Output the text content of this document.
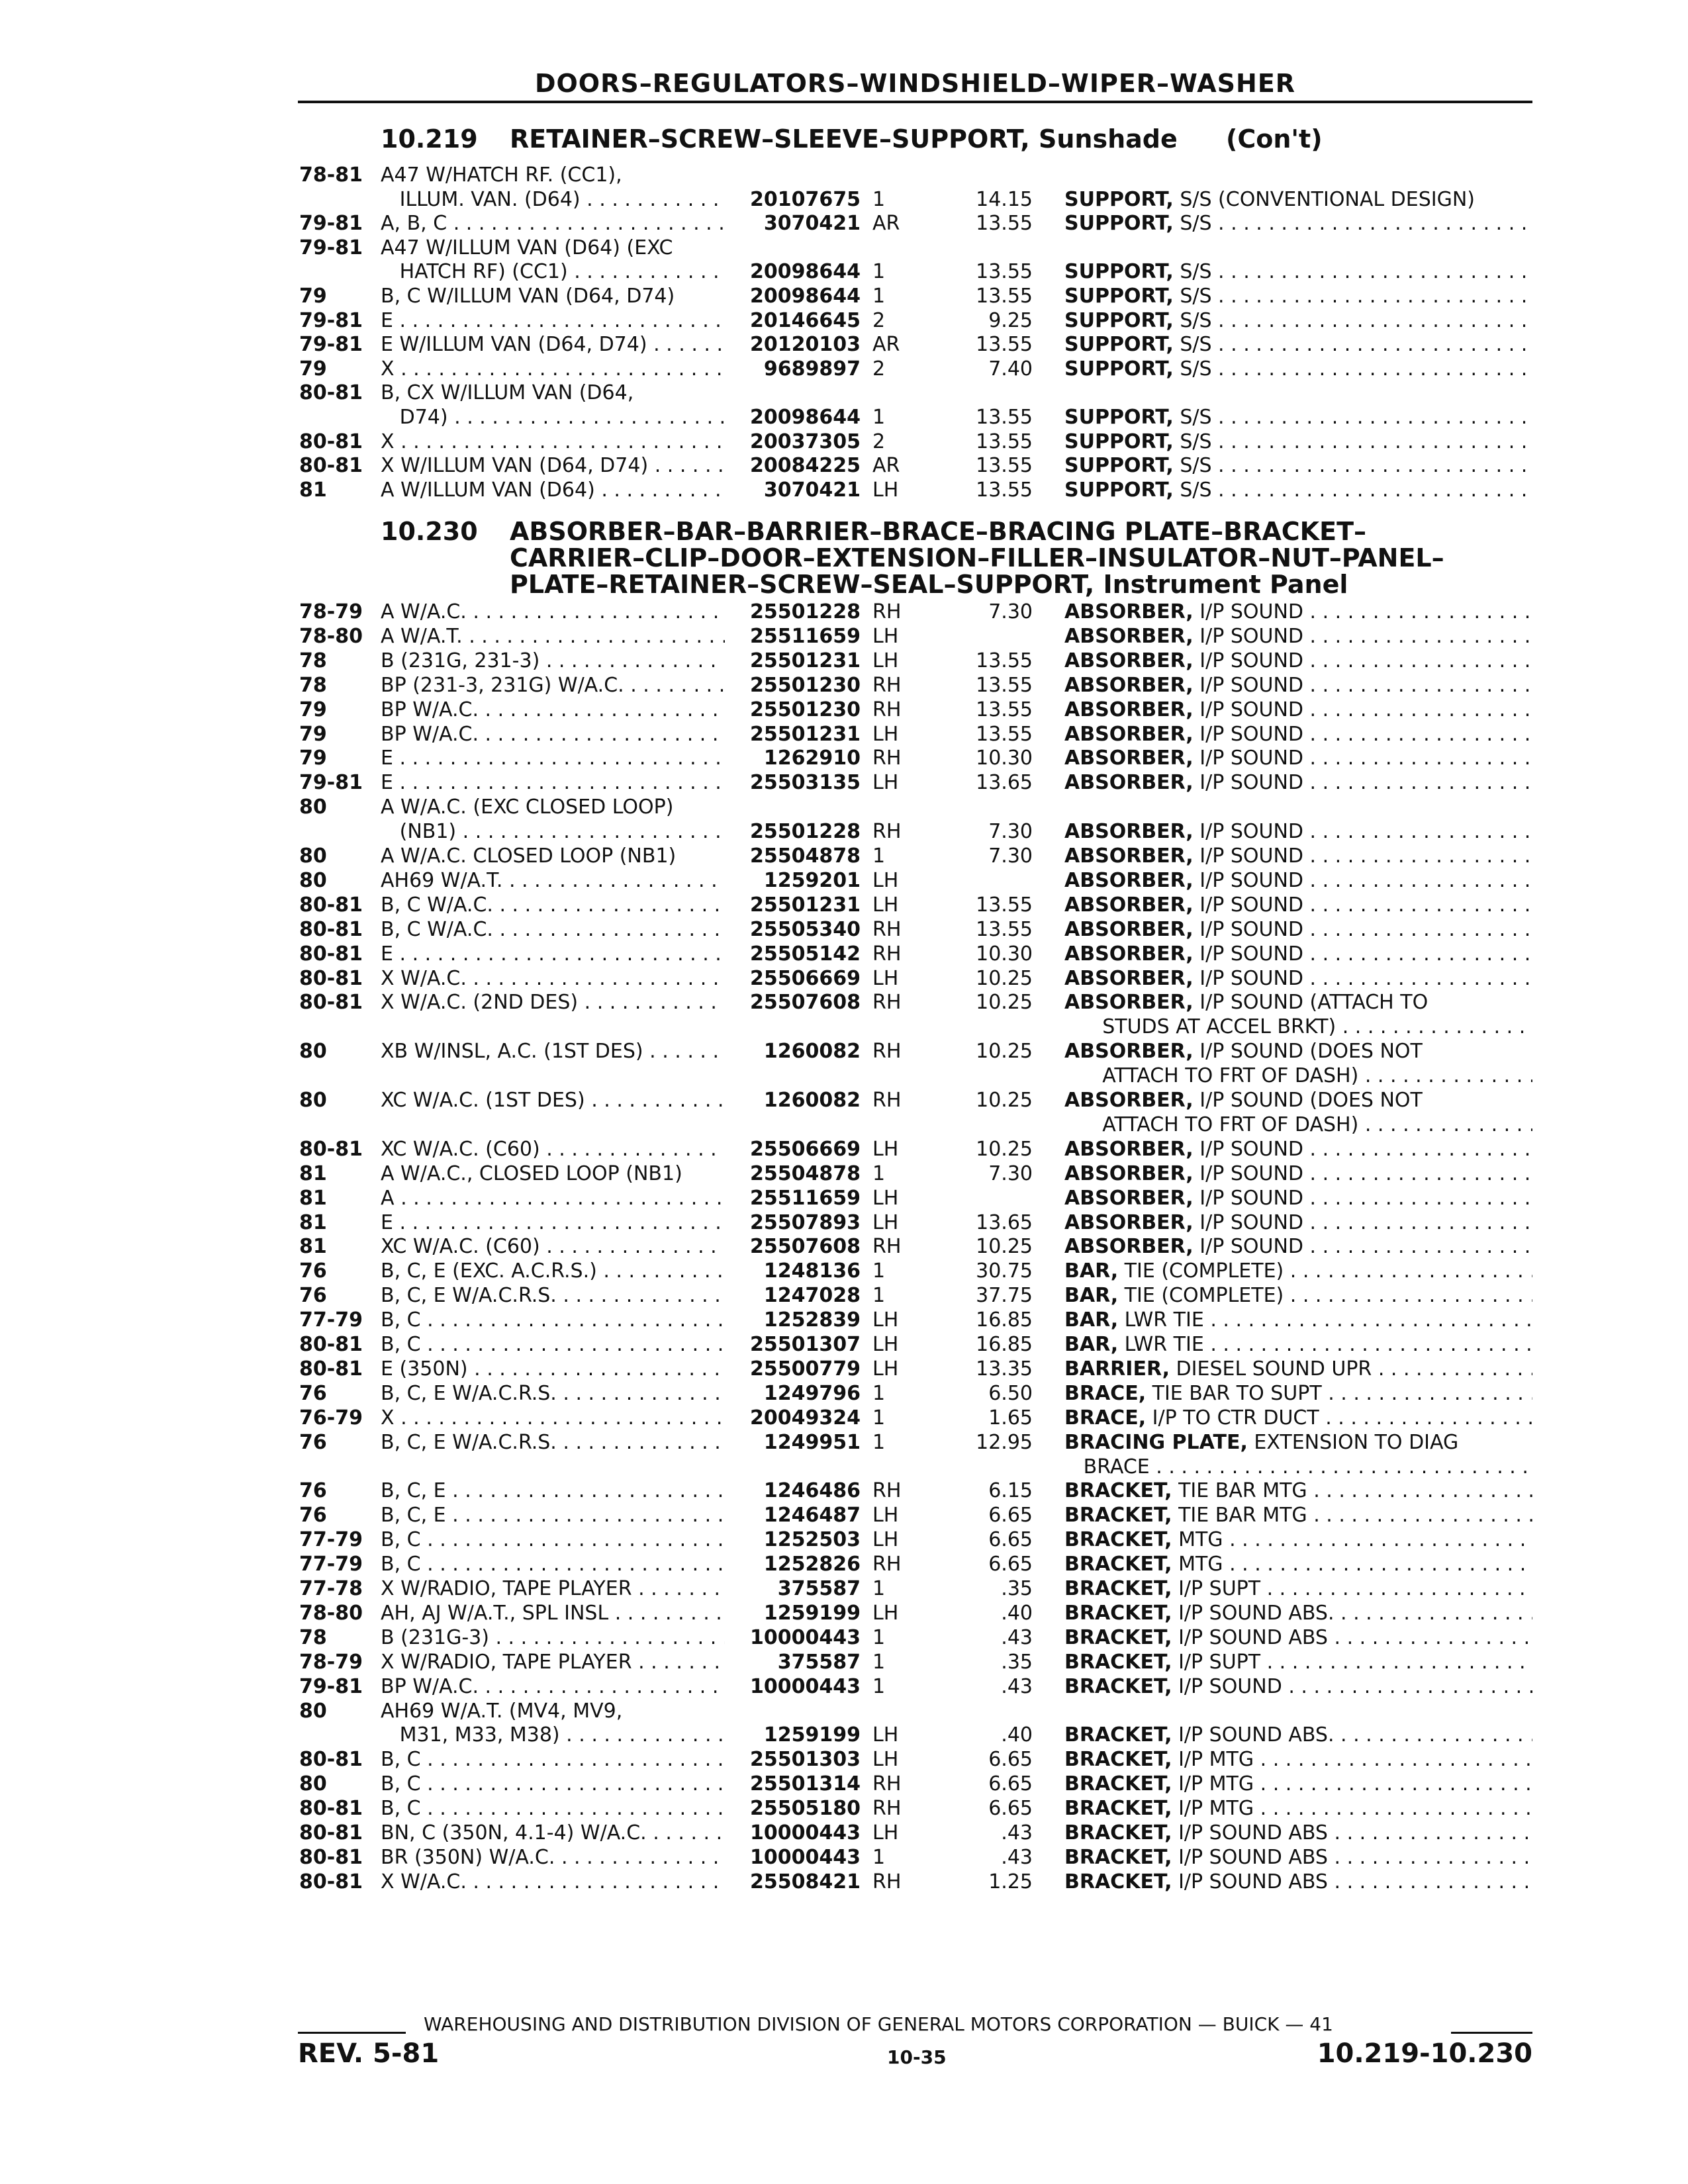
DOORS–REGULATORS–WINDSHIELD–WIPER–WASHER
10.219 RETAINER–SCREW–SLEEVE–SUPPORT, Sunshade (Con't)
78-81 A47 W/HATCH RF. (CC1),
ILLUM. VAN. (D64) . . .	20107675 1	14.15 SUPPORT, S/S (CONVENTIONAL DESIGN)
79-81 A, B, C . . .	3070421 AR	13.55 SUPPORT, S/S . . .
79-81 A47 W/ILLUM VAN (D64) (EXC
HATCH RF) (CC1) . . .	20098644 1	13.55 SUPPORT, S/S . . .
79	B, C W/ILLUM VAN (D64, D74)	20098644 1	13.55 SUPPORT, S/S . . .
79-81 E . . .	20146645 2	9.25 SUPPORT, S/S . . .
79-81 E W/ILLUM VAN (D64, D74) . . .	20120103 AR	13.55 SUPPORT, S/S . . .
79	X . . .	9689897 2	7.40 SUPPORT, S/S . . .
80-81 B, CX W/ILLUM VAN (D64,
D74) . . .	20098644 1	13.55 SUPPORT, S/S . . .
80-81 X . . .	20037305 2	13.55 SUPPORT, S/S . . .
80-81 X W/ILLUM VAN (D64, D74) . . .	20084225 AR	13.55 SUPPORT, S/S . . .
81	A W/ILLUM VAN (D64) . . .	3070421 LH	13.55 SUPPORT, S/S . . .
10.230	ABSORBER–BAR–BARRIER–BRACE–BRACING PLATE–BRACKET–
CARRIER–CLIP–DOOR–EXTENSION–FILLER–INSULATOR–NUT–PANEL–
PLATE–RETAINER–SCREW–SEAL–SUPPORT, Instrument Panel
78-79 A W/A.C. . . .	25501228 RH	7.30 ABSORBER, I/P SOUND . . .
78-80 A W/A.T. . . .	25511659 LH	ABSORBER, I/P SOUND . . .
78	B (231G, 231-3) . . .	25501231 LH	13.55 ABSORBER, I/P SOUND . . .
78	BP (231-3, 231G) W/A.C. . . .	25501230 RH	13.55 ABSORBER, I/P SOUND . . .
79	BP W/A.C. . . .	25501230 RH	13.55 ABSORBER, I/P SOUND . . .
79	BP W/A.C. . . .	25501231 LH	13.55 ABSORBER, I/P SOUND . . .
79	E . . .	1262910 RH	10.30 ABSORBER, I/P SOUND . . .
79-81 E . . .	25503135 LH	13.65 ABSORBER, I/P SOUND . . .
80	A W/A.C. (EXC CLOSED LOOP)
(NB1) . . .	25501228 RH	7.30 ABSORBER, I/P SOUND . . .
80	A W/A.C. CLOSED LOOP (NB1)	25504878 1	7.30 ABSORBER, I/P SOUND . . .
80	AH69 W/A.T. . . .	1259201 LH	ABSORBER, I/P SOUND . . .
80-81 B, C W/A.C. . . .	25501231 LH	13.55 ABSORBER, I/P SOUND . . .
80-81 B, C W/A.C. . . .	25505340 RH	13.55 ABSORBER, I/P SOUND . . .
80-81 E . . .	25505142 RH	10.30 ABSORBER, I/P SOUND . . .
80-81 X W/A.C. . . .	25506669 LH	10.25 ABSORBER, I/P SOUND . . .
80-81 X W/A.C. (2ND DES) . . .	25507608 RH	10.25 ABSORBER, I/P SOUND (ATTACH TO
STUDS AT ACCEL BRKT) . . .
80	XB W/INSL, A.C. (1ST DES) . . .	1260082 RH	10.25 ABSORBER, I/P SOUND (DOES NOT
ATTACH TO FRT OF DASH) . . .
80	XC W/A.C. (1ST DES) . . .	1260082 RH	10.25 ABSORBER, I/P SOUND (DOES NOT
ATTACH TO FRT OF DASH) . . .
80-81 XC W/A.C. (C60) . . .	25506669 LH	10.25 ABSORBER, I/P SOUND . . .
81	A W/A.C., CLOSED LOOP (NB1)	25504878 1	7.30 ABSORBER, I/P SOUND . . .
81	A . . .	25511659 LH	ABSORBER, I/P SOUND . . .
81	E . . .	25507893 LH	13.65 ABSORBER, I/P SOUND . . .
81	XC W/A.C. (C60) . . .	25507608 RH	10.25 ABSORBER, I/P SOUND . . .
76	B, C, E (EXC. A.C.R.S.) . . .	1248136 1	30.75 BAR, TIE (COMPLETE) . . .
76	B, C, E W/A.C.R.S. . . .	1247028 1	37.75 BAR, TIE (COMPLETE) . . .
77-79 B, C . . .	1252839 LH	16.85 BAR, LWR TIE . . .
80-81 B, C . . .	25501307 LH	16.85 BAR, LWR TIE . . .
80-81 E (350N) . . .	25500779 LH	13.35 BARRIER, DIESEL SOUND UPR . . .
76	B, C, E W/A.C.R.S. . . .	1249796 1	6.50 BRACE, TIE BAR TO SUPT . . .
76-79 X . . .	20049324 1	1.65 BRACE, I/P TO CTR DUCT . . .
76	B, C, E W/A.C.R.S. . . .	1249951 1	12.95 BRACING PLATE, EXTENSION TO DIAG
BRACE . . .
76	B, C, E . . .	1246486 RH	6.15 BRACKET, TIE BAR MTG . . .
76	B, C, E . . .	1246487 LH	6.65 BRACKET, TIE BAR MTG . . .
77-79 B, C . . .	1252503 LH	6.65 BRACKET, MTG . . .
77-79 B, C . . .	1252826 RH	6.65 BRACKET, MTG . . .
77-78 X W/RADIO, TAPE PLAYER . . .	375587 1	.35 BRACKET, I/P SUPT . . .
78-80 AH, AJ W/A.T., SPL INSL . . .	1259199 LH	.40 BRACKET, I/P SOUND ABS. . . .
78	B (231G-3) . . .	10000443 1	.43 BRACKET, I/P SOUND ABS . . .
78-79 X W/RADIO, TAPE PLAYER . . .	375587 1	.35 BRACKET, I/P SUPT . . .
79-81 BP W/A.C. . . .	10000443 1	.43 BRACKET, I/P SOUND . . .
80	AH69 W/A.T. (MV4, MV9,
M31, M33, M38) . . .	1259199 LH	.40 BRACKET, I/P SOUND ABS. . . .
80-81 B, C . . .	25501303 LH	6.65 BRACKET, I/P MTG . . .
80	B, C . . .	25501314 RH	6.65 BRACKET, I/P MTG . . .
80-81 B, C . . .	25505180 RH	6.65 BRACKET, I/P MTG . . .
80-81 BN, C (350N, 4.1-4) W/A.C. . . .	10000443 LH	.43 BRACKET, I/P SOUND ABS . . .
80-81 BR (350N) W/A.C. . . .	10000443 1	.43 BRACKET, I/P SOUND ABS . . .
80-81 X W/A.C. . . .	25508421 RH	1.25 BRACKET, I/P SOUND ABS . . .
WAREHOUSING AND DISTRIBUTION DIVISION OF GENERAL MOTORS CORPORATION — BUICK — 41
REV. 5-81	10-35	10.219-10.230
